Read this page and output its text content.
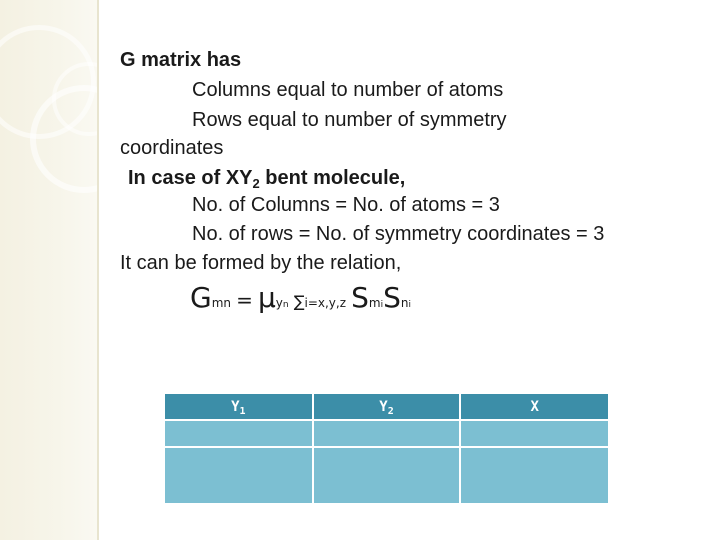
G matrix has
Columns equal to number of atoms
Rows equal to number of symmetry
coordinates
In case of $XY_2$ bent molecule,
No. of Columns = No. of atoms = 3
No. of rows = No. of symmetry coordinates = 3
It can be formed by the relation,
Gmn = μyn ∑i=x,y,z SmiSni
$Y_1$	$Y_2$	X
